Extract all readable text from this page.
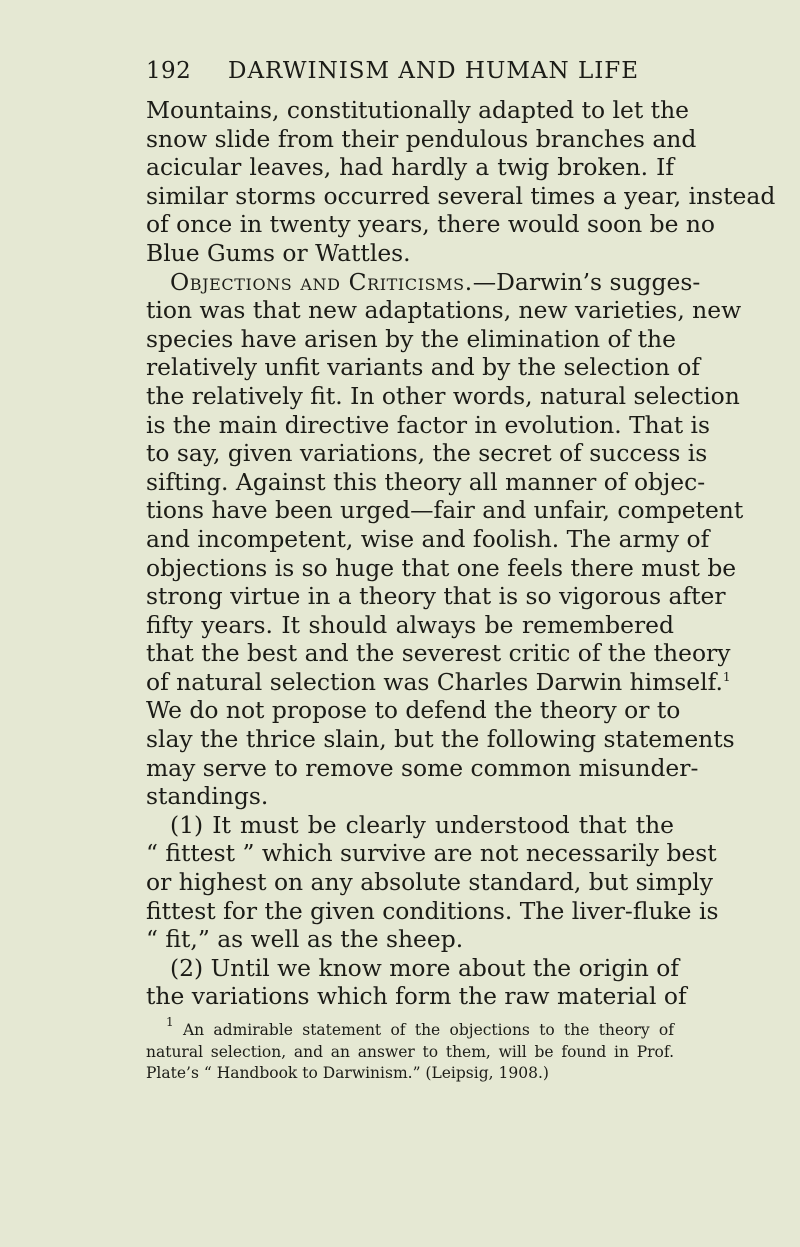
192 DARWINISM AND HUMAN LIFE
Mountains, constitutionally adapted to let the
snow slide from their pendulous branches and
acicular leaves, had hardly a twig broken. If
similar storms occurred several times a year, instead
of once in twenty years, there would soon be no
Blue Gums or Wattles.
Objections and Criticisms.—Darwin’s sugges-
tion was that new adaptations, new varieties, new
species have arisen by the elimination of the
relatively unfit variants and by the selection of
the relatively fit. In other words, natural selection
is the main directive factor in evolution. That is
to say, given variations, the secret of success is
sifting. Against this theory all manner of objec-
tions have been urged—fair and unfair, competent
and incompetent, wise and foolish. The army of
objections is so huge that one feels there must be
strong virtue in a theory that is so vigorous after
fifty years. It should always be remembered
that the best and the severest critic of the theory
of natural selection was Charles Darwin himself.$^1$
We do not propose to defend the theory or to
slay the thrice slain, but the following statements
may serve to remove some common misunder-
standings.
(1) It must be clearly understood that the
“ fittest ” which survive are not necessarily best
or highest on any absolute standard, but simply
fittest for the given conditions. The liver-fluke is
“ fit,” as well as the sheep.
(2) Until we know more about the origin of
the variations which form the raw material of
$^1$ An admirable statement of the objections to the theory of
natural selection, and an answer to them, will be found in Prof.
Plate’s “ Handbook to Darwinism.” (Leipsig, 1908.)
